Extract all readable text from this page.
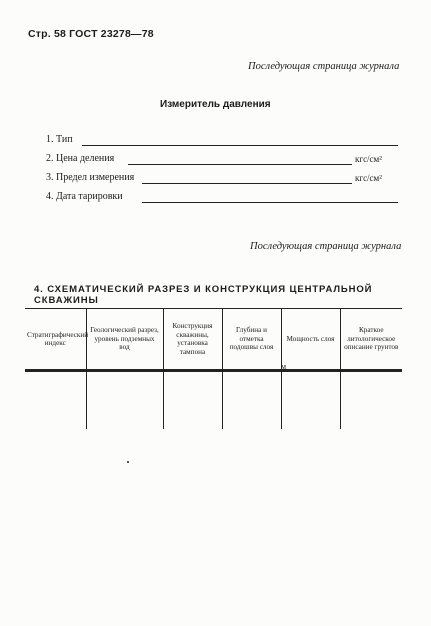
Стр. 58 ГОСТ 23278—78
Последующая страница журнала
Измеритель давления
1. Тип
2. Цена деления	кгс/см²
3. Предел измерения	кгс/см²
4. Дата тарировки
Последующая страница журнала
4. СХЕМАТИЧЕСКИЙ РАЗРЕЗ И КОНСТРУКЦИЯ ЦЕНТРАЛЬНОЙ СКВАЖИНЫ
Стратиграфический индекс	Геологический разрез, уровень подземных вод	Конструкция скважины, установка тампона	Глубина и отметка подошвы слоя	Мощность слоя	Краткое литологическое описание грунтов

м
